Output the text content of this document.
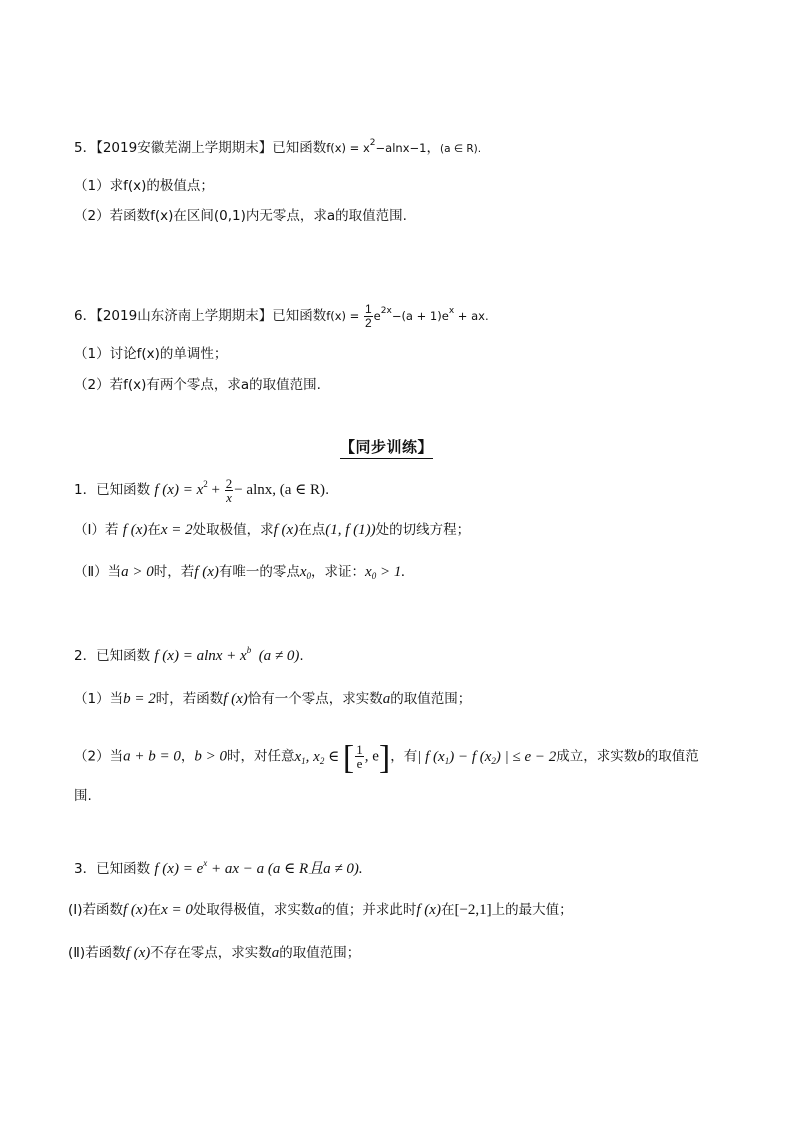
5．【2019安徽芜湖上学期期末】已知函数$f(x) = x^2-alnx-1$，(a ∈ R).
（1）求f(x)的极值点；
（2）若函数f(x)在区间(0,1)内无零点，求a的取值范围.
6．【2019山东济南上学期期末】已知函数$f(x) = \frac{1}{2} e^{2x}-(a + 1)e^x$ + ax.
（1）讨论f(x)的单调性；
（2）若f(x)有两个零点，求a的取值范围.
【同步训练】
1．已知函数 f $(x) = x^2 + \frac{2}{x} - alnx$, (a ∈ R).
（Ⅰ）若 f (x)在x = 2处取极值，求f (x)在点(1, f (1))处的切线方程；
（Ⅱ）当a > 0时，若f (x)有唯一的零点$x_0$，求证：$x_0 > 1$.
2．已知函数 f $(x) = alnx + x^b$  (a ≠ 0).
（1）当b = 2时，若函数f (x)恰有一个零点，求实数a的取值范围；
（2）当a + b = 0，b > 0时，对任意$x_1$, $x_2$ ∈ [ $\frac{1}{e}$ , e]，有| f $(x_1) - f$ $(x_2)$ | ≤ e − 2成立，求实数b的取值范
围.
3．已知函数 f $(x) = e^x$ + ax − a (a ∈ R且a ≠ 0).
(Ⅰ)若函数f (x)在x = 0处取得极值，求实数a的值；并求此时f (x)在[−2,1]上的最大值；
(Ⅱ)若函数f (x)不存在零点，求实数a的取值范围；
